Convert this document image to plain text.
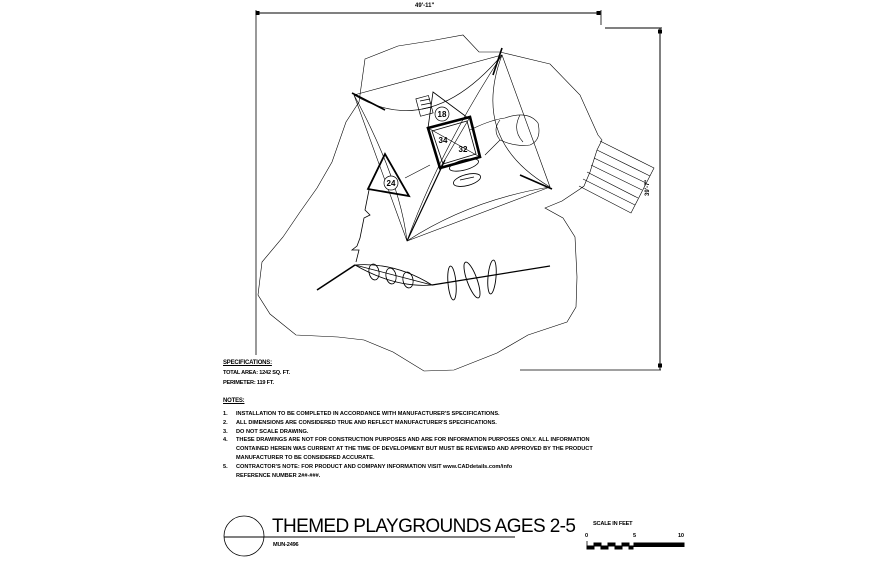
18
34
32
24
49'-11"
39'-7"
SPECIFICATIONS:
TOTAL AREA: 1242 SQ. FT.
PERIMETER: 119 FT.
NOTES:
1. INSTALLATION TO BE COMPLETED IN ACCORDANCE WITH MANUFACTURER'S SPECIFICATIONS.
2. ALL DIMENSIONS ARE CONSIDERED TRUE AND REFLECT MANUFACTURER'S SPECIFICATIONS.
3. DO NOT SCALE DRAWING.
4. THESE DRAWINGS ARE NOT FOR CONSTRUCTION PURPOSES AND ARE FOR INFORMATION PURPOSES ONLY. ALL INFORMATION
CONTAINED HEREIN WAS CURRENT AT THE TIME OF DEVELOPMENT BUT MUST BE REVIEWED AND APPROVED BY THE PRODUCT
MANUFACTURER TO BE CONSIDERED ACCURATE.
5. CONTRACTOR'S NOTE: FOR PRODUCT AND COMPANY INFORMATION VISIT www.CADdetails.com/info
REFERENCE NUMBER 2##-###.
THEMED PLAYGROUNDS AGES 2-5
MUN-2496
SCALE IN FEET
0	5	10
